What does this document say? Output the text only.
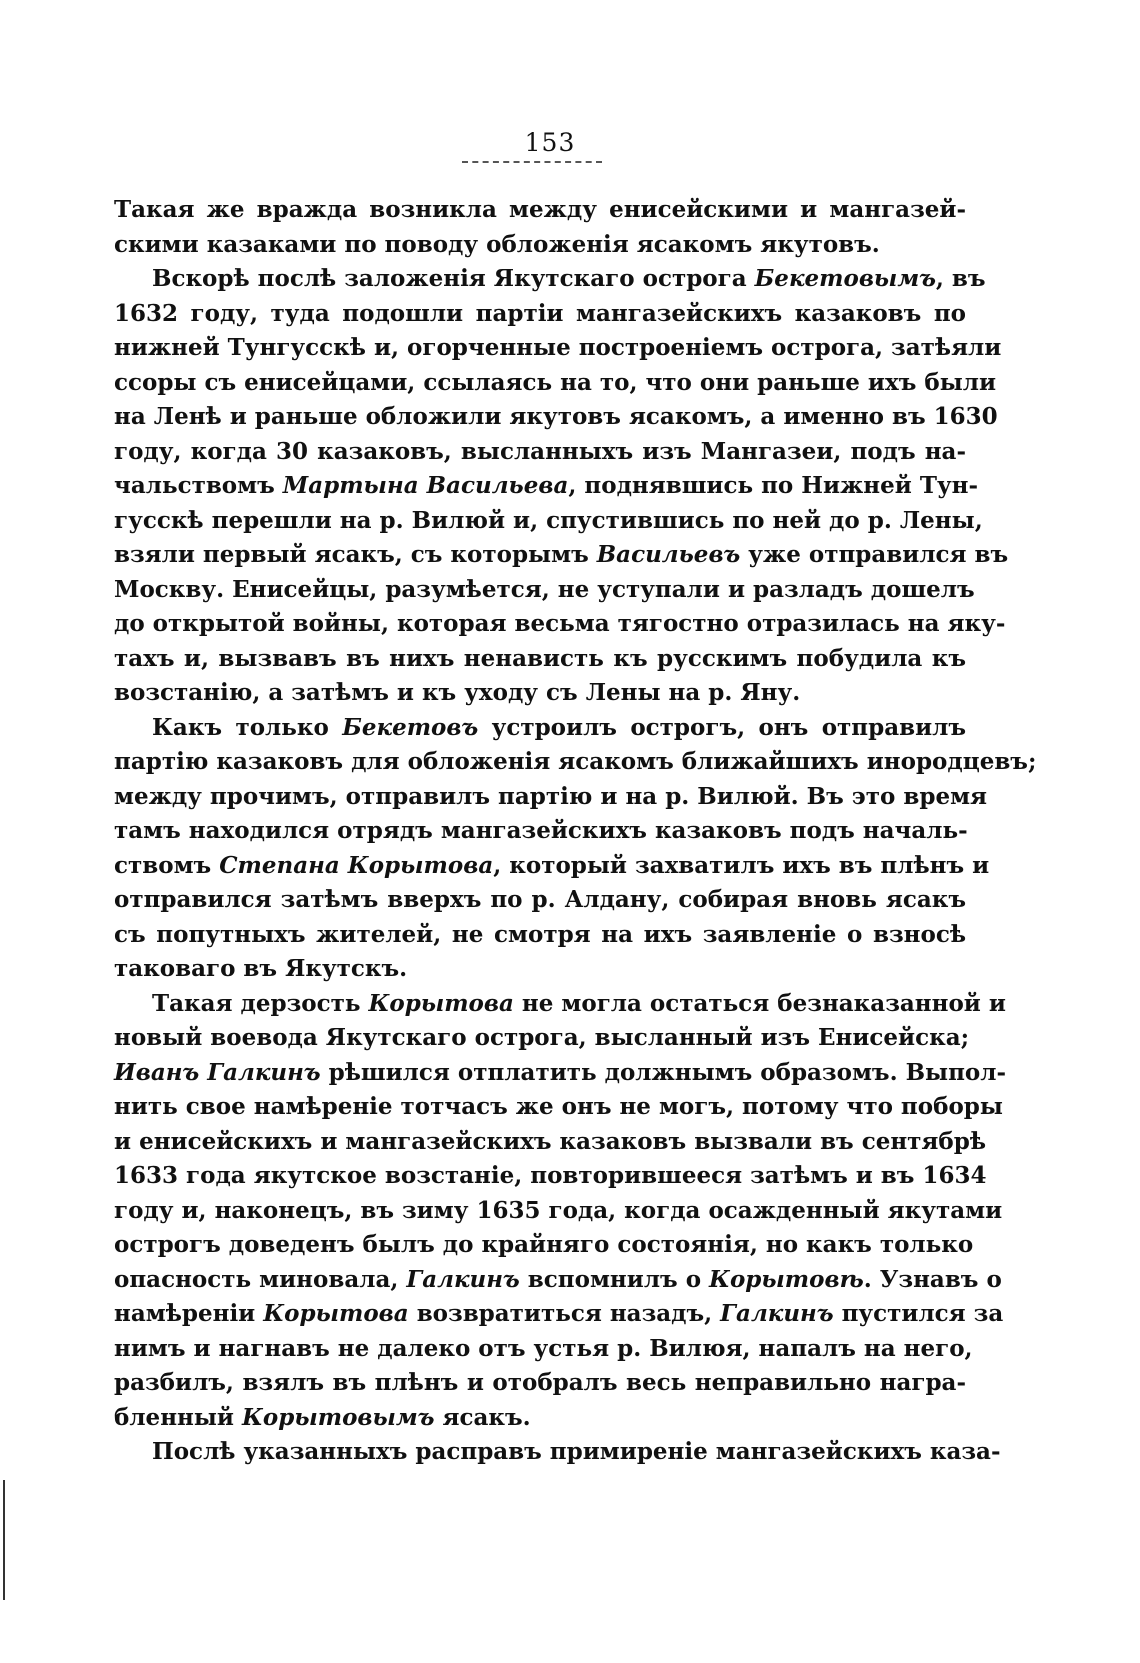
153
Такая же вражда возникла между енисейскими и мангазей-
скими казаками по поводу обложенія ясакомъ якутовъ.
Вскорѣ послѣ заложенія Якутскаго острога Бекетовымъ, въ
1632 году, туда подошли партіи мангазейскихъ казаковъ по
нижней Тунгусскѣ и, огорченные построеніемъ острога, затѣяли
ссоры съ енисейцами, ссылаясь на то, что они раньше ихъ были
на Ленѣ и раньше обложили якутовъ ясакомъ, а именно въ 1630
году, когда 30 казаковъ, высланныхъ изъ Мангазеи, подъ на-
чальствомъ Мартына Васильева, поднявшись по Нижней Тун-
гусскѣ перешли на р. Вилюй и, спустившись по ней до р. Лены,
взяли первый ясакъ, съ которымъ Васильевъ уже отправился въ
Москву. Енисейцы, разумѣется, не уступали и разладъ дошелъ
до открытой войны, которая весьма тягостно отразилась на яку-
тахъ и, вызвавъ въ нихъ ненависть къ русскимъ побудила къ
возстанію, а затѣмъ и къ уходу съ Лены на р. Яну.
Какъ только Бекетовъ устроилъ острогъ, онъ отправилъ
партію казаковъ для обложенія ясакомъ ближайшихъ инородцевъ;
между прочимъ, отправилъ партію и на р. Вилюй. Въ это время
тамъ находился отрядъ мангазейскихъ казаковъ подъ началь-
ствомъ Степана Корытова, который захватилъ ихъ въ плѣнъ и
отправился затѣмъ вверхъ по р. Алдану, собирая вновь ясакъ
съ попутныхъ жителей, не смотря на ихъ заявленіе о взносѣ
таковаго въ Якутскъ.
Такая дерзость Корытова не могла остаться безнаказанной и
новый воевода Якутскаго острога, высланный изъ Енисейска;
Иванъ Галкинъ рѣшился отплатить должнымъ образомъ. Выпол-
нить свое намѣреніе тотчасъ же онъ не могъ, потому что поборы
и енисейскихъ и мангазейскихъ казаковъ вызвали въ сентябрѣ
1633 года якутское возстаніе, повторившееся затѣмъ и въ 1634
году и, наконецъ, въ зиму 1635 года, когда осажденный якутами
острогъ доведенъ былъ до крайняго состоянія, но какъ только
опасность миновала, Галкинъ вспомнилъ о Корытовѣ. Узнавъ о
намѣреніи Корытова возвратиться назадъ, Галкинъ пустился за
нимъ и нагнавъ не далеко отъ устья р. Вилюя, напалъ на него,
разбилъ, взялъ въ плѣнъ и отобралъ весь неправильно награ-
бленный Корытовымъ ясакъ.
Послѣ указанныхъ расправъ примиреніе мангазейскихъ каза-
